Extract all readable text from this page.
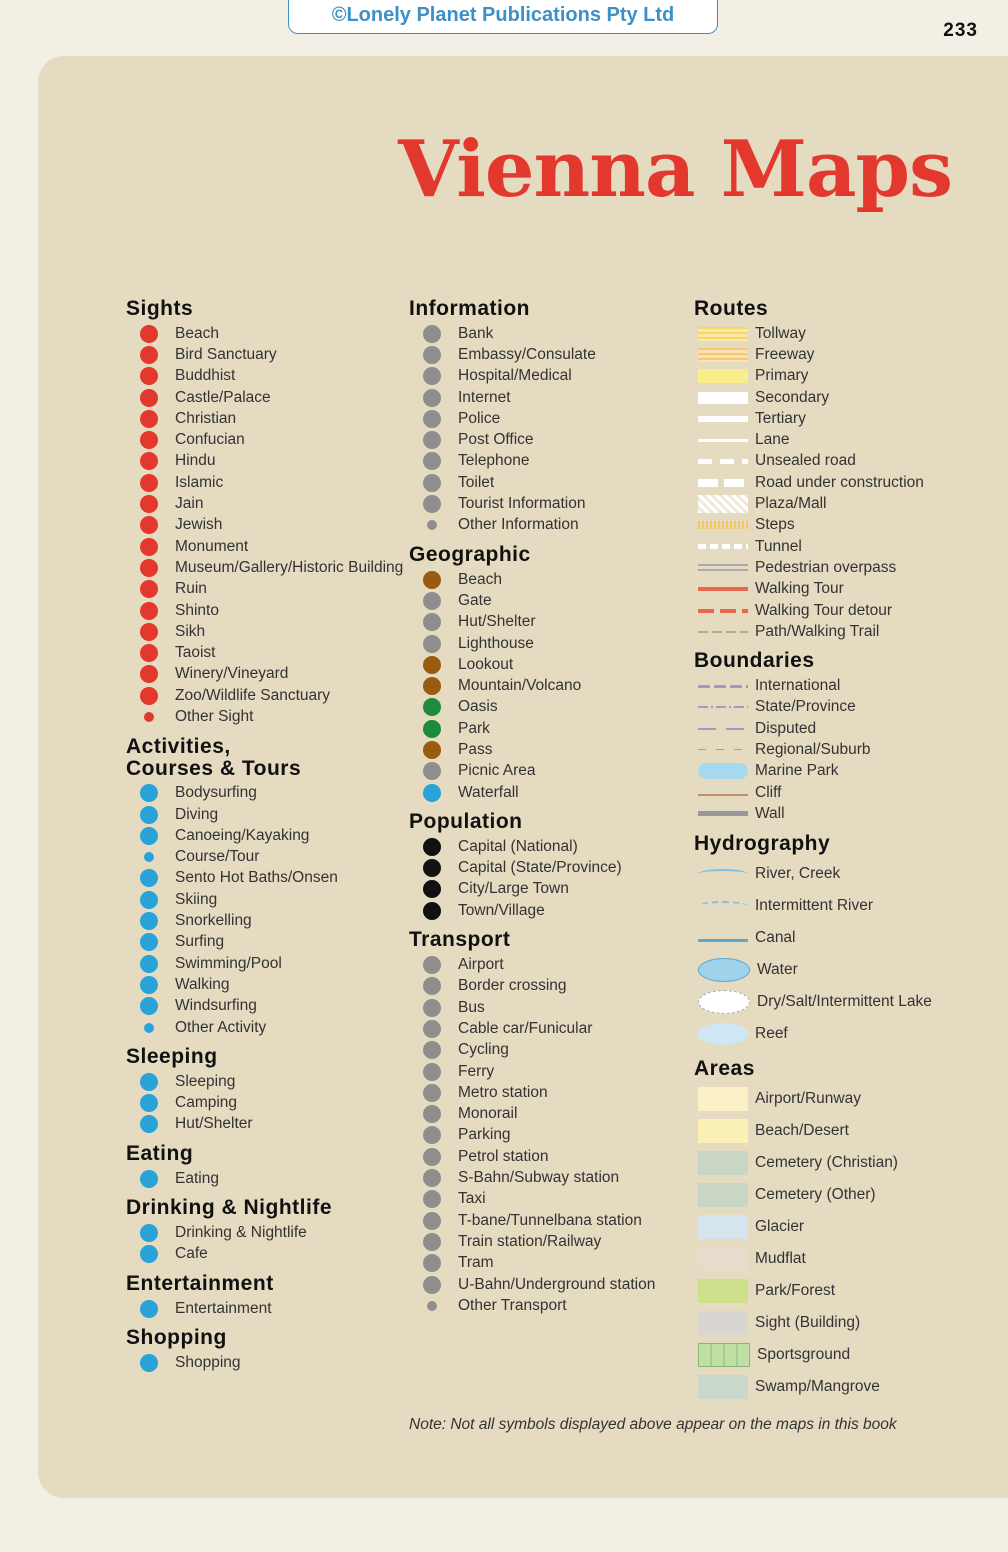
©Lonely Planet Publications Pty Ltd
233
Vienna Maps
Sights
Beach
Bird Sanctuary
Buddhist
Castle/Palace
Christian
Confucian
Hindu
Islamic
Jain
Jewish
Monument
Museum/Gallery/Historic Building
Ruin
Shinto
Sikh
Taoist
Winery/Vineyard
Zoo/Wildlife Sanctuary
Other Sight
Activities,
Courses & Tours
Bodysurfing
Diving
Canoeing/Kayaking
Course/Tour
Sento Hot Baths/Onsen
Skiing
Snorkelling
Surfing
Swimming/Pool
Walking
Windsurfing
Other Activity
Sleeping
Sleeping
Camping
Hut/Shelter
Eating
Eating
Drinking & Nightlife
Drinking & Nightlife
Cafe
Entertainment
Entertainment
Shopping
Shopping
Information
Bank
Embassy/Consulate
Hospital/Medical
Internet
Police
Post Office
Telephone
Toilet
Tourist Information
Other Information
Geographic
Beach
Gate
Hut/Shelter
Lighthouse
Lookout
Mountain/Volcano
Oasis
Park
Pass
Picnic Area
Waterfall
Population
Capital (National)
Capital (State/Province)
City/Large Town
Town/Village
Transport
Airport
Border crossing
Bus
Cable car/Funicular
Cycling
Ferry
Metro station
Monorail
Parking
Petrol station
S-Bahn/Subway station
Taxi
T-bane/Tunnelbana station
Train station/Railway
Tram
U-Bahn/Underground station
Other Transport
Routes
Tollway
Freeway
Primary
Secondary
Tertiary
Lane
Unsealed road
Road under construction
Plaza/Mall
Steps
Tunnel
Pedestrian overpass
Walking Tour
Walking Tour detour
Path/Walking Trail
Boundaries
International
State/Province
Disputed
Regional/Suburb
Marine Park
Cliff
Wall
Hydrography
River, Creek
Intermittent River
Canal
Water
Dry/Salt/Intermittent Lake
Reef
Areas
Airport/Runway
Beach/Desert
Cemetery (Christian)
Cemetery (Other)
Glacier
Mudflat
Park/Forest
Sight (Building)
Sportsground
Swamp/Mangrove
Note: Not all symbols displayed above appear on the maps in this book
